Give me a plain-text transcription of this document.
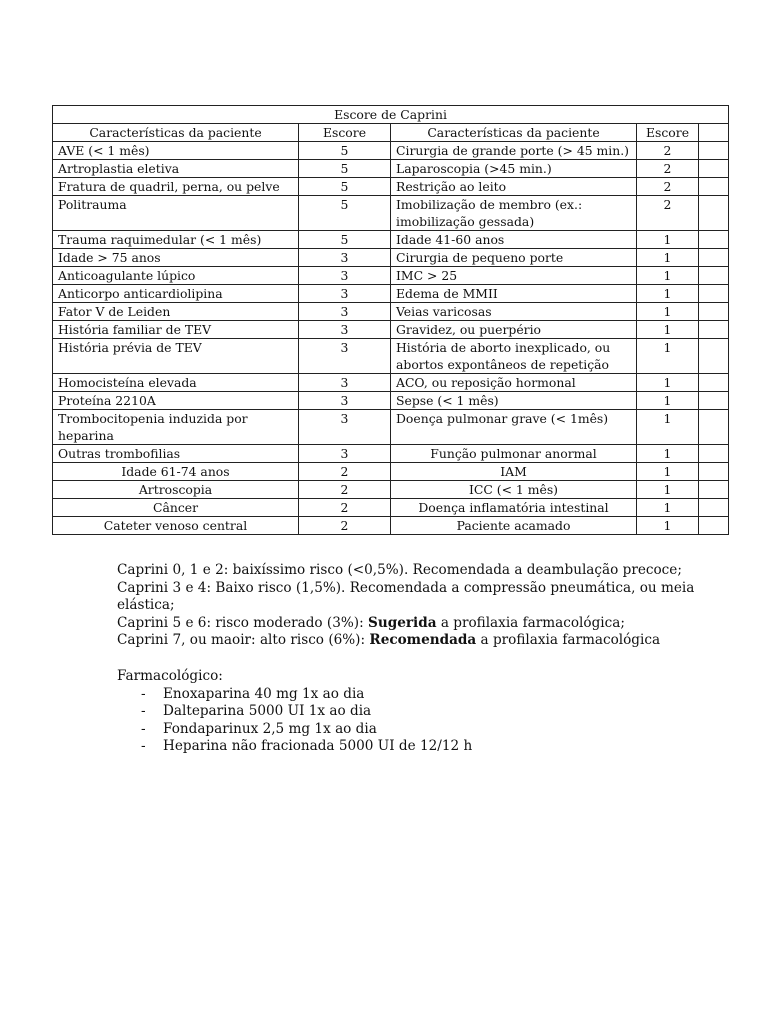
Escore de Caprini				
Características da paciente	Escore	Características da paciente	Escore	
AVE (< 1 mês)	5	Cirurgia de grande porte (> 45 min.)	2	
Artroplastia eletiva	5	Laparoscopia (>45 min.)	2	
Fratura de quadril, perna, ou pelve	5	Restrição ao leito	2	
Politrauma	5	Imobilização de membro (ex.: imobilização gessada)	2	
Trauma raquimedular (< 1 mês)	5	Idade 41-60 anos	1	
Idade > 75 anos	3	Cirurgia de pequeno porte	1	
Anticoagulante lúpico	3	IMC > 25	1	
Anticorpo anticardiolipina	3	Edema de MMII	1	
Fator V de Leiden	3	Veias varicosas	1	
História familiar de TEV	3	Gravidez, ou puerpério	1	
História prévia de TEV	3	História de aborto inexplicado, ou abortos expontâneos de repetição	1	
Homocisteína elevada	3	ACO, ou reposição hormonal	1	
Proteína 2210A	3	Sepse (< 1 mês)	1	
Trombocitopenia induzida por heparina	3	Doença pulmonar grave (< 1mês)	1	
Outras trombofilias	3	Função pulmonar anormal	1	
Idade 61-74 anos	2	IAM	1	
Artroscopia	2	ICC (< 1 mês)	1	
Câncer	2	Doença inflamatória intestinal	1	
Cateter venoso central	2	Paciente acamado	1	

Caprini 0, 1 e 2: baixíssimo risco (<0,5%). Recomendada a deambulação precoce;

Caprini 3 e 4: Baixo risco (1,5%). Recomendada a compressão pneumática, ou meia elástica;

Caprini 5 e 6: risco moderado (3%): Sugerida a profilaxia farmacológica;

Caprini 7, ou maoir: alto risco (6%): Recomendada a profilaxia farmacológica

Farmacológico:

- Enoxaparina 40 mg 1x ao dia
- Dalteparina 5000 UI 1x ao dia
- Fondaparinux 2,5 mg 1x ao dia
- Heparina não fracionada 5000 UI de 12/12 h
